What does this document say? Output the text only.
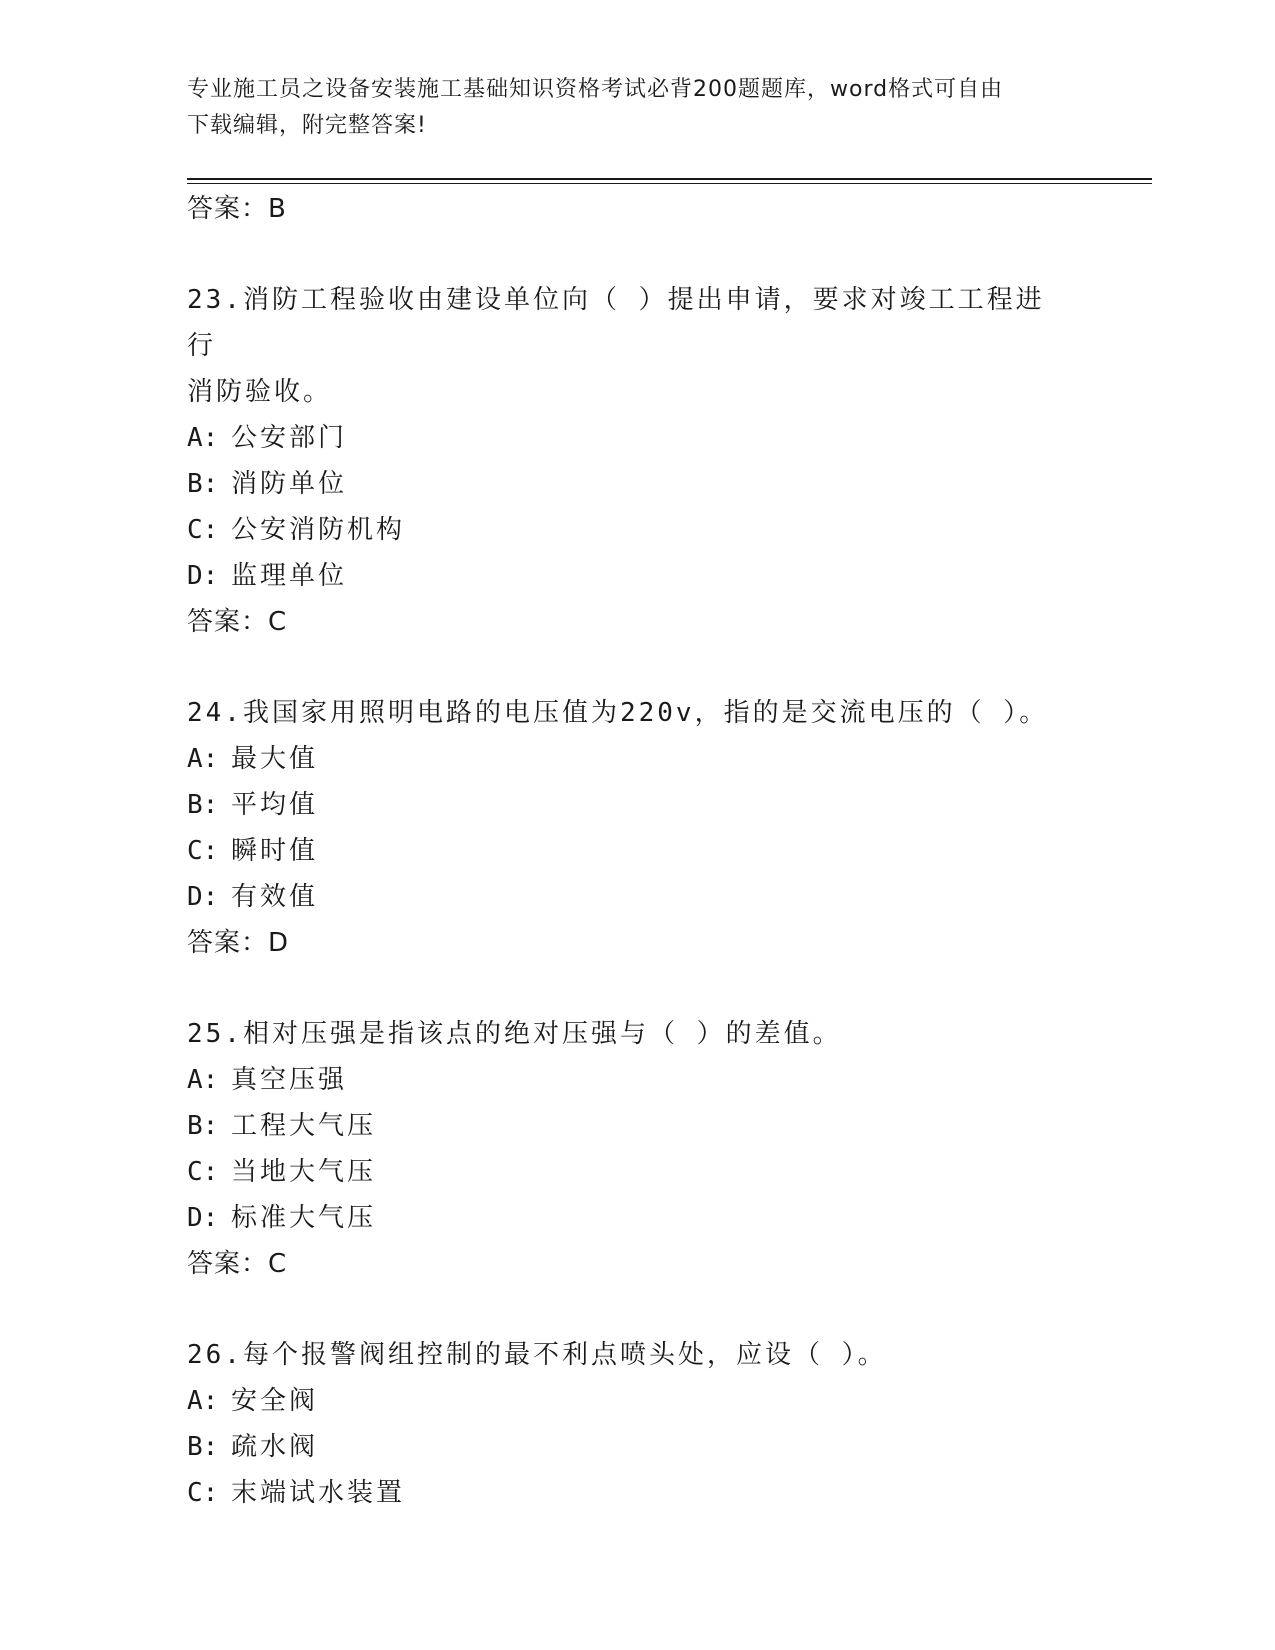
专业施工员之设备安装施工基础知识资格考试必背200题题库，word格式可自由
下载编辑，附完整答案!
答案：B
23.消防工程验收由建设单位向（ ）提出申请，要求对竣工工程进行
消防验收。
A: 公安部门
B: 消防单位
C: 公安消防机构
D: 监理单位
答案：C
24.我国家用照明电路的电压值为220v，指的是交流电压的（ ）。
A: 最大值
B: 平均值
C: 瞬时值
D: 有效值
答案：D
25.相对压强是指该点的绝对压强与（ ）的差值。
A: 真空压强
B: 工程大气压
C: 当地大气压
D: 标准大气压
答案：C
26.每个报警阀组控制的最不利点喷头处，应设（ ）。
A: 安全阀
B: 疏水阀
C: 末端试水装置
